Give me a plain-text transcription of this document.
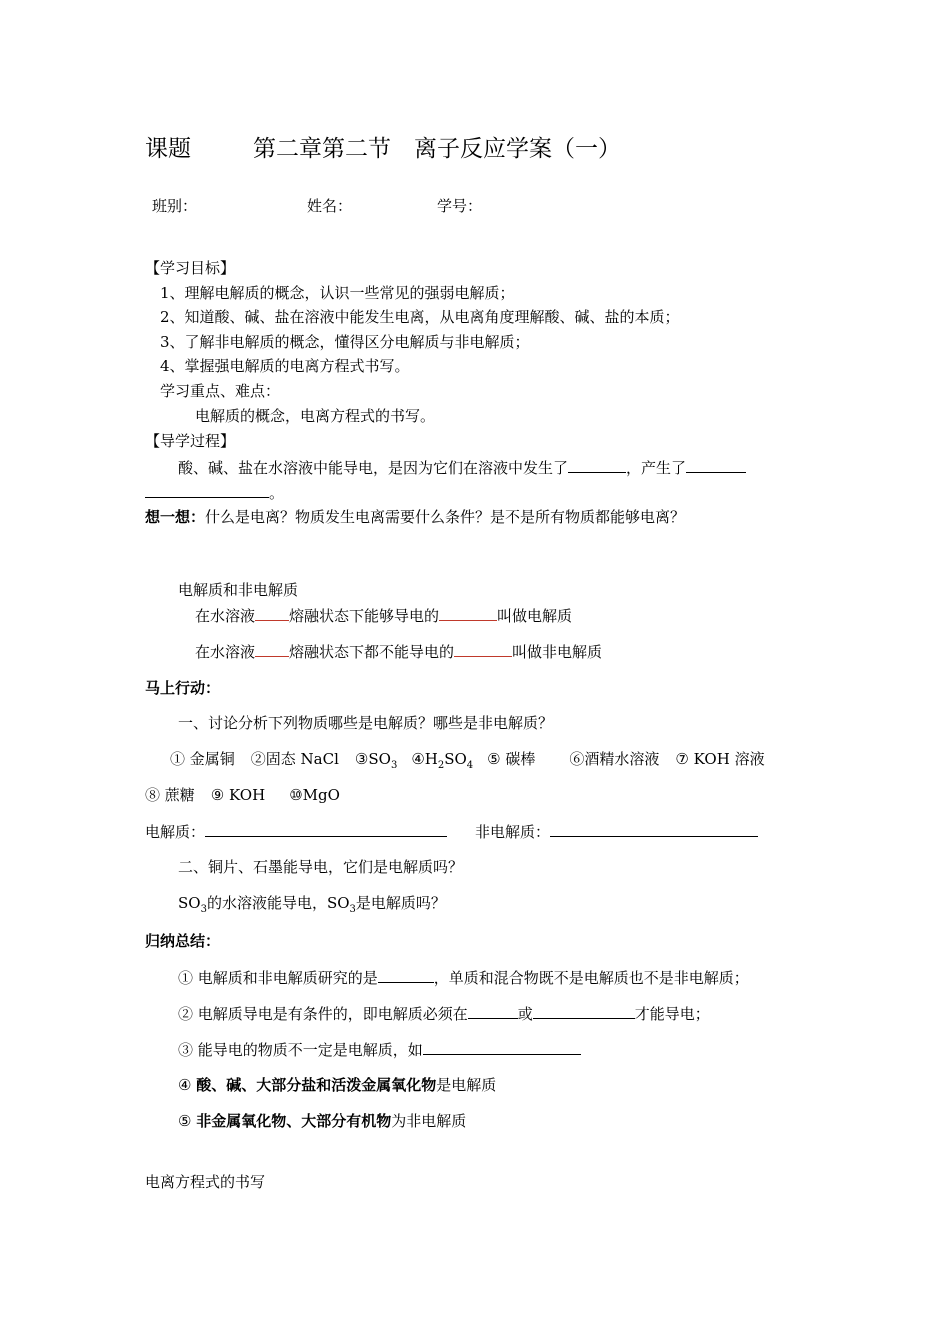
课题	第二章第二节　离子反应学案（一）
班别：	姓名：	学号：
【学习目标】
1、理解电解质的概念，认识一些常见的强弱电解质；
2、知道酸、碱、盐在溶液中能发生电离，从电离角度理解酸、碱、盐的本质；
3、了解非电解质的概念，懂得区分电解质与非电解质；
4、掌握强电解质的电离方程式书写。
学习重点、难点：
电解质的概念，电离方程式的书写。
【导学过程】
酸、碱、盐在水溶液中能导电，是因为它们在溶液中发生了	，产生了
。
想一想：什么是电离？物质发生电离需要什么条件？是不是所有物质都能够电离？
电解质和非电解质
在水溶液 熔融状态下能够导电的	叫做电解质
在水溶液 熔融状态下都不能导电的	叫做非电解质
马上行动：
一、讨论分析下列物质哪些是电解质？哪些是非电解质？
① 金属铜 ②固态 NaCl $③SO_3$ $④H_2SO_4$ ⑤ 碳棒 ⑥酒精水溶液 ⑦ KOH 溶液
⑧ 蔗糖 ⑨ KOH ⑩MgO
电解质：	非电解质：
二、铜片、石墨能导电，它们是电解质吗？
$SO_3$的水溶液能导电，$SO_3$是电解质吗？
归纳总结：
① 电解质和非电解质研究的是	，单质和混合物既不是电解质也不是非电解质；
② 电解质导电是有条件的，即电解质必须在	或	才能导电；
③ 能导电的物质不一定是电解质，如
④ 酸、碱、大部分盐和活泼金属氧化物是电解质
⑤ 非金属氧化物、大部分有机物为非电解质
电离方程式的书写
